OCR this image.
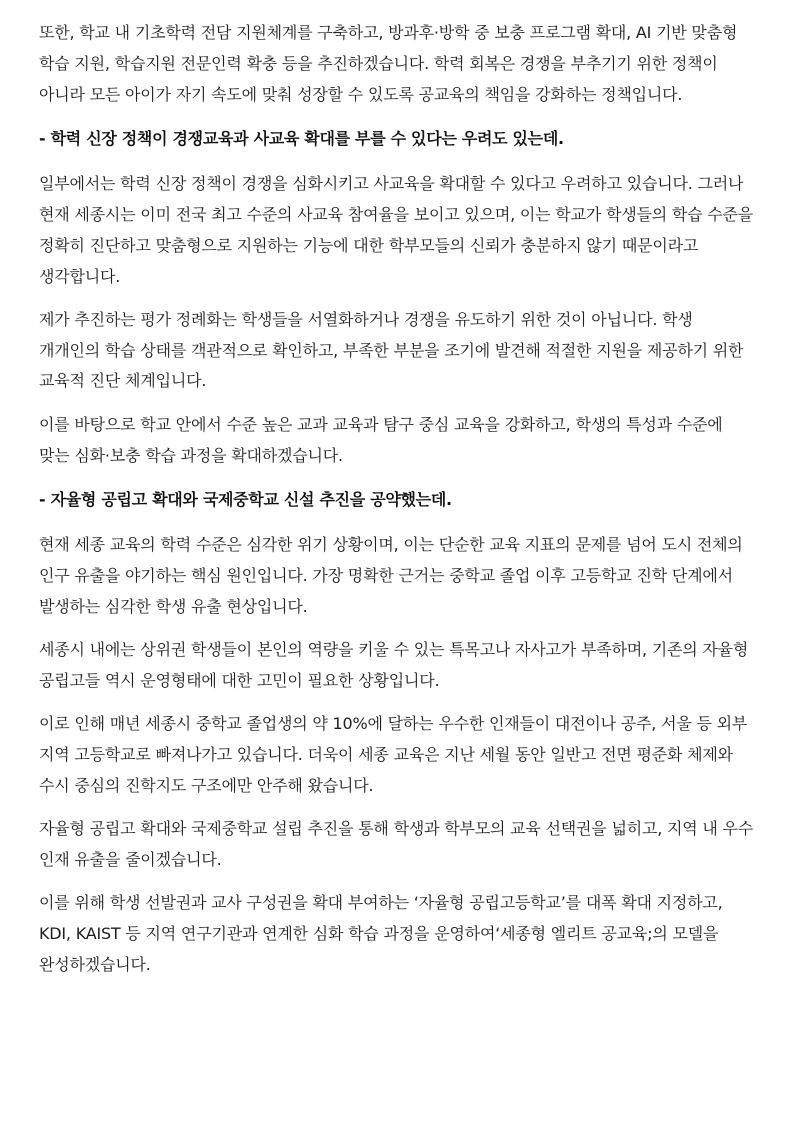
또한, 학교 내 기초학력 전담 지원체계를 구축하고, 방과후·방학 중 보충 프로그램 확대, AI 기반 맞춤형 학습 지원, 학습지원 전문인력 확충 등을 추진하겠습니다. 학력 회복은 경쟁을 부추기기 위한 정책이 아니라 모든 아이가 자기 속도에 맞춰 성장할 수 있도록 공교육의 책임을 강화하는 정책입니다.

- 학력 신장 정책이 경쟁교육과 사교육 확대를 부를 수 있다는 우려도 있는데.

일부에서는 학력 신장 정책이 경쟁을 심화시키고 사교육을 확대할 수 있다고 우려하고 있습니다. 그러나 현재 세종시는 이미 전국 최고 수준의 사교육 참여율을 보이고 있으며, 이는 학교가 학생들의 학습 수준을 정확히 진단하고 맞춤형으로 지원하는 기능에 대한 학부모들의 신뢰가 충분하지 않기 때문이라고 생각합니다.

제가 추진하는 평가 정례화는 학생들을 서열화하거나 경쟁을 유도하기 위한 것이 아닙니다. 학생 개개인의 학습 상태를 객관적으로 확인하고, 부족한 부분을 조기에 발견해 적절한 지원을 제공하기 위한 교육적 진단 체계입니다.

이를 바탕으로 학교 안에서 수준 높은 교과 교육과 탐구 중심 교육을 강화하고, 학생의 특성과 수준에 맞는 심화·보충 학습 과정을 확대하겠습니다.

- 자율형 공립고 확대와 국제중학교 신설 추진을 공약했는데.

현재 세종 교육의 학력 수준은 심각한 위기 상황이며, 이는 단순한 교육 지표의 문제를 넘어 도시 전체의 인구 유출을 야기하는 핵심 원인입니다. 가장 명확한 근거는 중학교 졸업 이후 고등학교 진학 단계에서 발생하는 심각한 학생 유출 현상입니다.

세종시 내에는 상위권 학생들이 본인의 역량을 키울 수 있는 특목고나 자사고가 부족하며, 기존의 자율형 공립고들 역시 운영형태에 대한 고민이 필요한 상황입니다.

이로 인해 매년 세종시 중학교 졸업생의 약 10%에 달하는 우수한 인재들이 대전이나 공주, 서울 등 외부 지역 고등학교로 빠져나가고 있습니다. 더욱이 세종 교육은 지난 세월 동안 일반고 전면 평준화 체제와 수시 중심의 진학지도 구조에만 안주해 왔습니다.

자율형 공립고 확대와 국제중학교 설립 추진을 통해 학생과 학부모의 교육 선택권을 넓히고, 지역 내 우수 인재 유출을 줄이겠습니다.

이를 위해 학생 선발권과 교사 구성권을 확대 부여하는 ‘자율형 공립고등학교’를 대폭 확대 지정하고, KDI, KAIST 등 지역 연구기관과 연계한 심화 학습 과정을 운영하여‘세종형 엘리트 공교육;의 모델을 완성하겠습니다.
